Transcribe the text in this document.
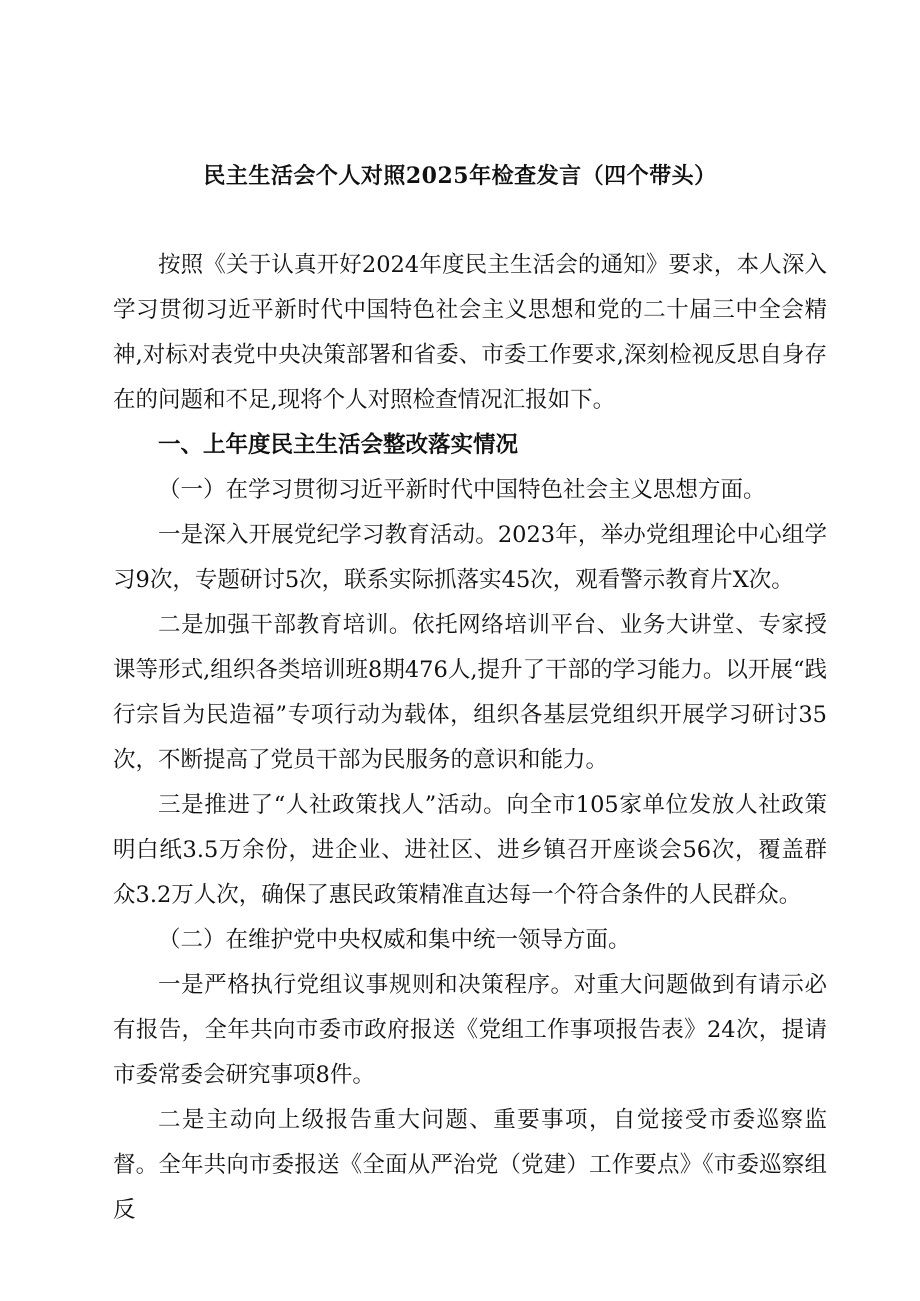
民主生活会个人对照2025年检查发言（四个带头）

按照《关于认真开好2024年度民主生活会的通知》要求，本人深入学习贯彻习近平新时代中国特色社会主义思想和党的二十届三中全会精神,对标对表党中央决策部署和省委、市委工作要求,深刻检视反思自身存在的问题和不足,现将个人对照检查情况汇报如下。

一、上年度民主生活会整改落实情况

（一）在学习贯彻习近平新时代中国特色社会主义思想方面。

一是深入开展党纪学习教育活动。2023年，举办党组理论中心组学习9次，专题研讨5次，联系实际抓落实45次，观看警示教育片X次。

二是加强干部教育培训。依托网络培训平台、业务大讲堂、专家授课等形式,组织各类培训班8期476人,提升了干部的学习能力。以开展“践行宗旨为民造福”专项行动为载体，组织各基层党组织开展学习研讨35次，不断提高了党员干部为民服务的意识和能力。

三是推进了“人社政策找人”活动。向全市105家单位发放人社政策明白纸3.5万余份，进企业、进社区、进乡镇召开座谈会56次，覆盖群众3.2万人次，确保了惠民政策精准直达每一个符合条件的人民群众。

（二）在维护党中央权威和集中统一领导方面。

一是严格执行党组议事规则和决策程序。对重大问题做到有请示必有报告，全年共向市委市政府报送《党组工作事项报告表》24次，提请市委常委会研究事项8件。

二是主动向上级报告重大问题、重要事项，自觉接受市委巡察监督。全年共向市委报送《全面从严治党（党建）工作要点》《市委巡察组反
